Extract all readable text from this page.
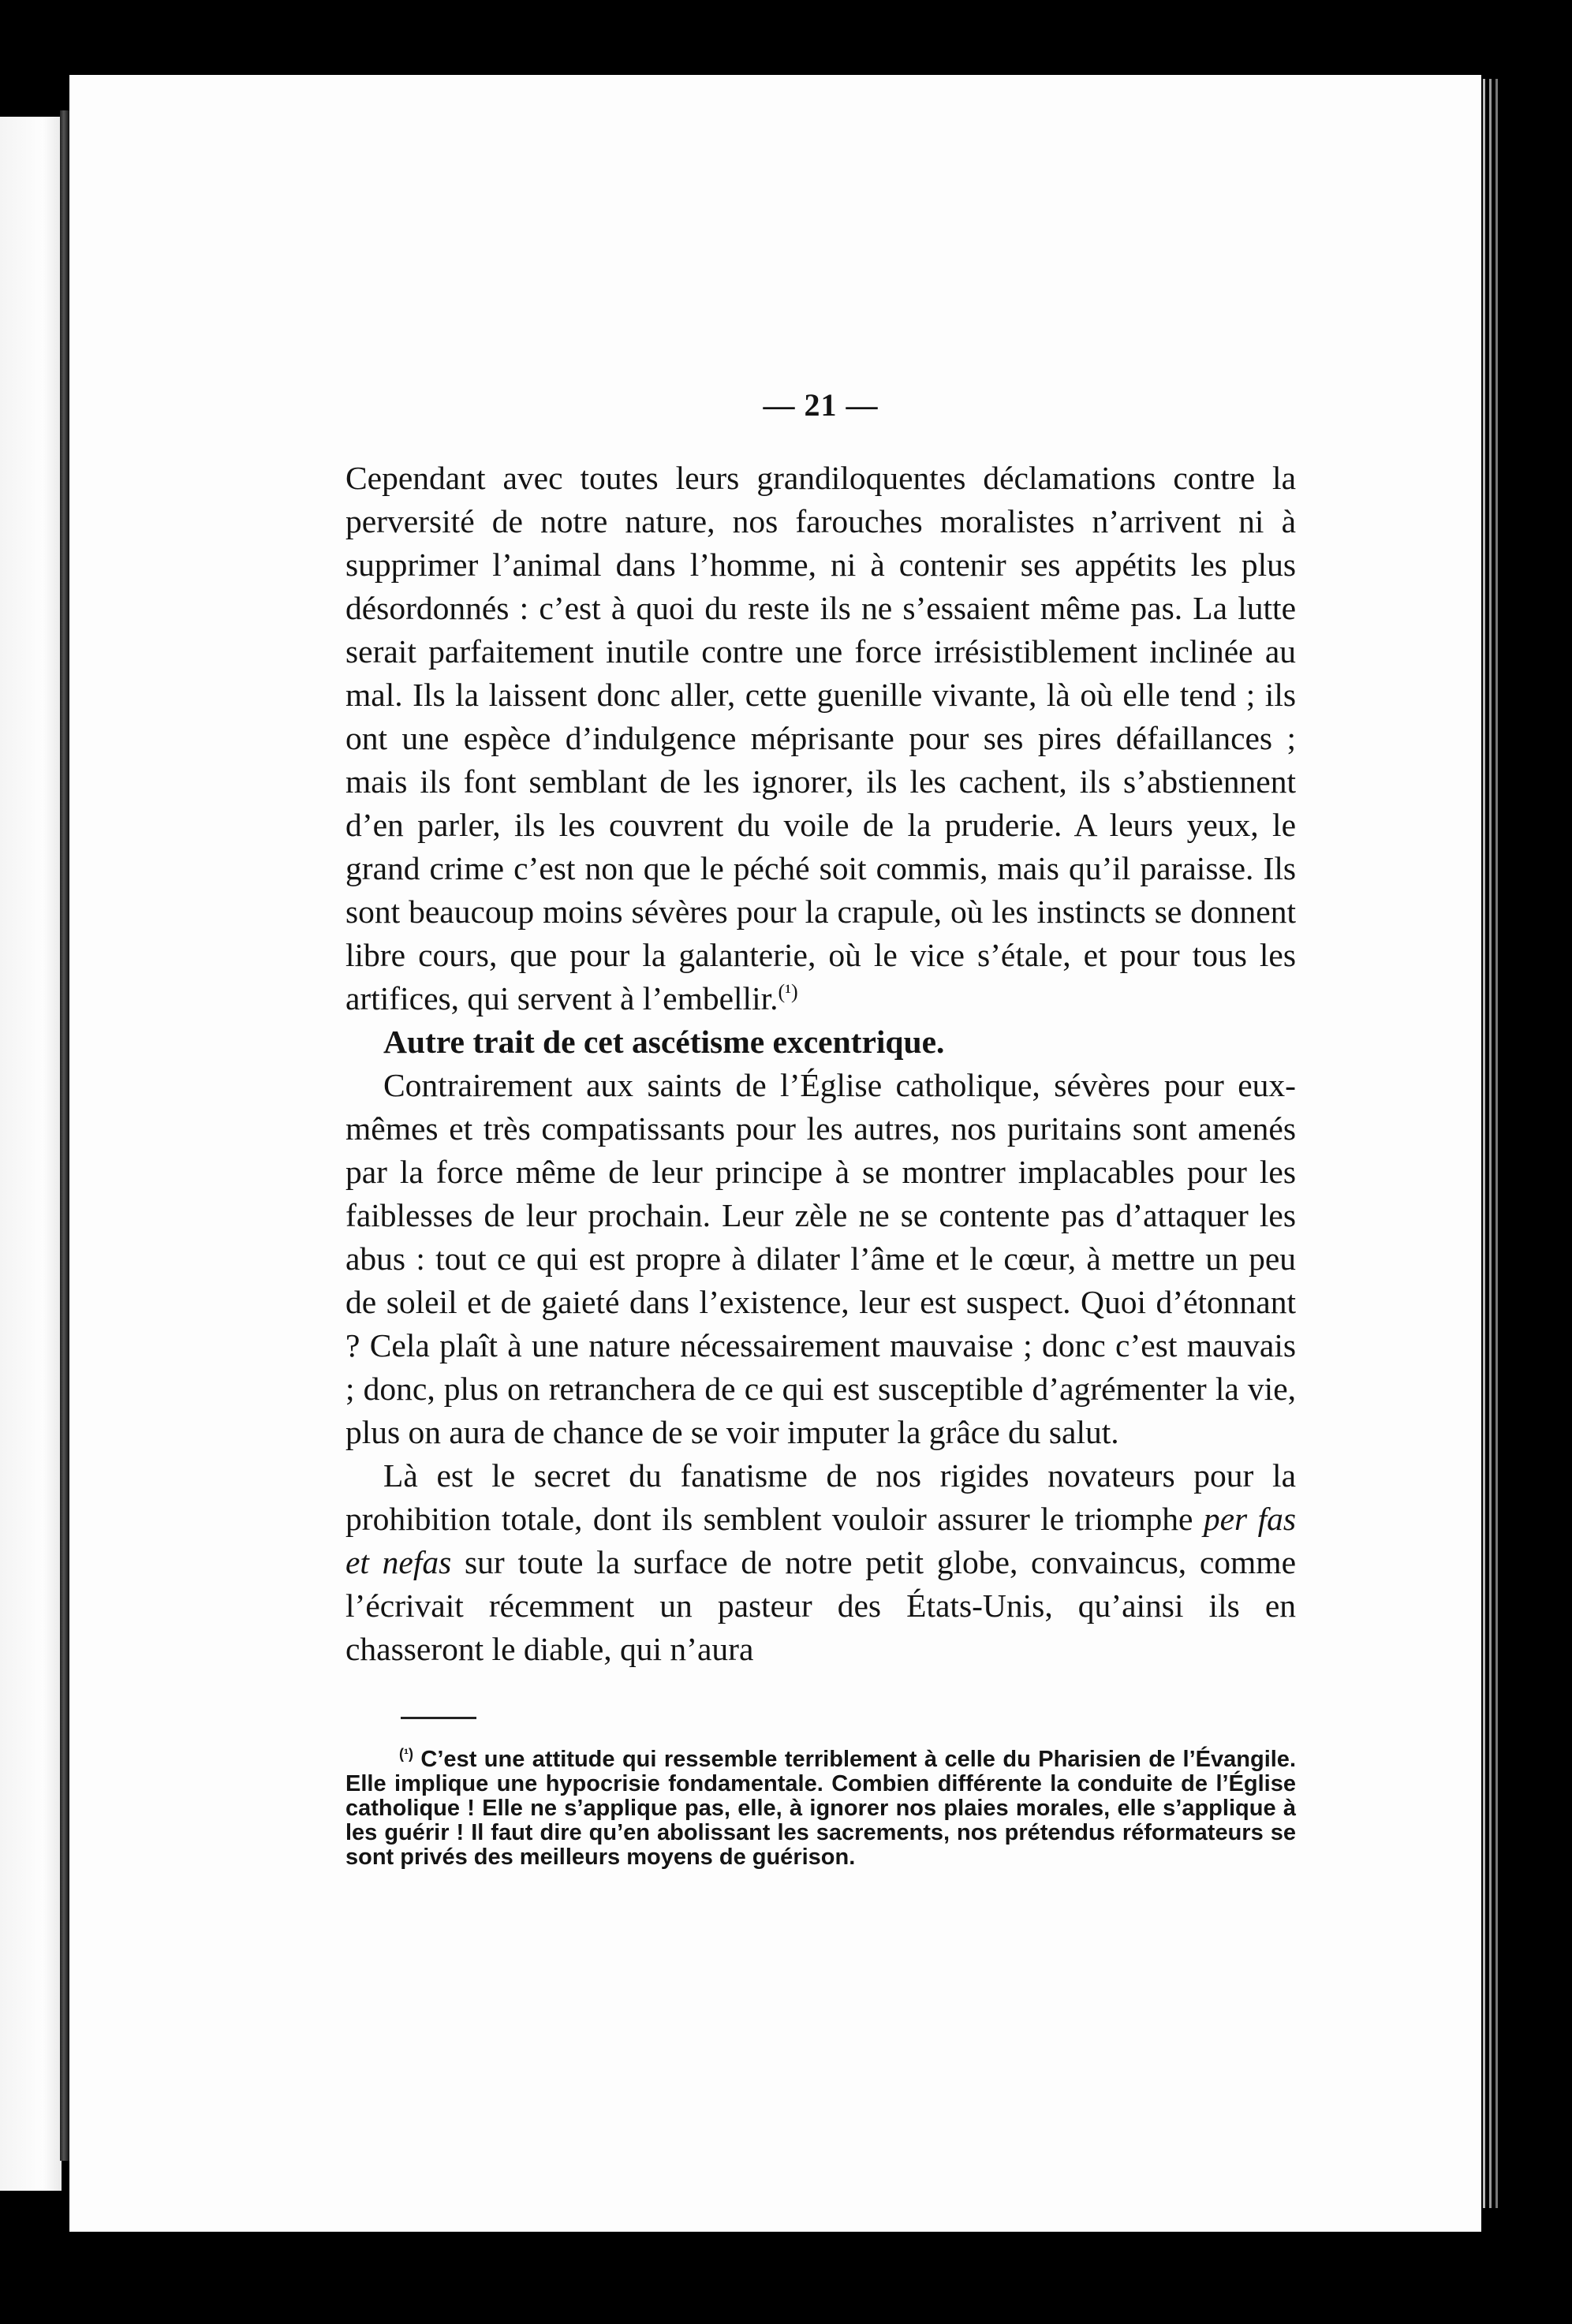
— 21 —

Cependant avec toutes leurs grandiloquentes déclamations contre la perversité de notre nature, nos farouches moralistes n’arrivent ni à supprimer l’animal dans l’homme, ni à contenir ses appétits les plus désordonnés : c’est à quoi du reste ils ne s’essaient même pas. La lutte serait parfaitement inutile contre une force irrésistiblement inclinée au mal. Ils la laissent donc aller, cette guenille vivante, là où elle tend ; ils ont une espèce d’indulgence méprisante pour ses pires défaillances ; mais ils font semblant de les ignorer, ils les cachent, ils s’abstiennent d’en parler, ils les couvrent du voile de la pruderie. A leurs yeux, le grand crime c’est non que le péché soit commis, mais qu’il paraisse. Ils sont beaucoup moins sévères pour la crapule, où les instincts se donnent libre cours, que pour la galanterie, où le vice s’étale, et pour tous les artifices, qui servent à l’embellir.$^{(^1)}$

Autre trait de cet ascétisme excentrique.

Contrairement aux saints de l’Église catholique, sévères pour eux-mêmes et très compatissants pour les autres, nos puritains sont amenés par la force même de leur principe à se montrer implacables pour les faiblesses de leur prochain. Leur zèle ne se contente pas d’attaquer les abus : tout ce qui est propre à dilater l’âme et le cœur, à mettre un peu de soleil et de gaieté dans l’existence, leur est suspect. Quoi d’étonnant ? Cela plaît à une nature nécessairement mauvaise ; donc c’est mauvais ; donc, plus on retranchera de ce qui est susceptible d’agrémenter la vie, plus on aura de chance de se voir imputer la grâce du salut.

Là est le secret du fanatisme de nos rigides novateurs pour la prohibition totale, dont ils semblent vouloir assurer le triomphe per fas et nefas sur toute la surface de notre petit globe, convaincus, comme l’écrivait récemment un pasteur des États-Unis, qu’ainsi ils en chasseront le diable, qui n’aura

$^{(^1)}$ C’est une attitude qui ressemble terriblement à celle du Pharisien de l’Évangile. Elle implique une hypocrisie fondamentale. Combien différente la conduite de l’Église catholique ! Elle ne s’applique pas, elle, à ignorer nos plaies morales, elle s’applique à les guérir ! Il faut dire qu’en abolissant les sacrements, nos prétendus réformateurs se sont privés des meilleurs moyens de guérison.
